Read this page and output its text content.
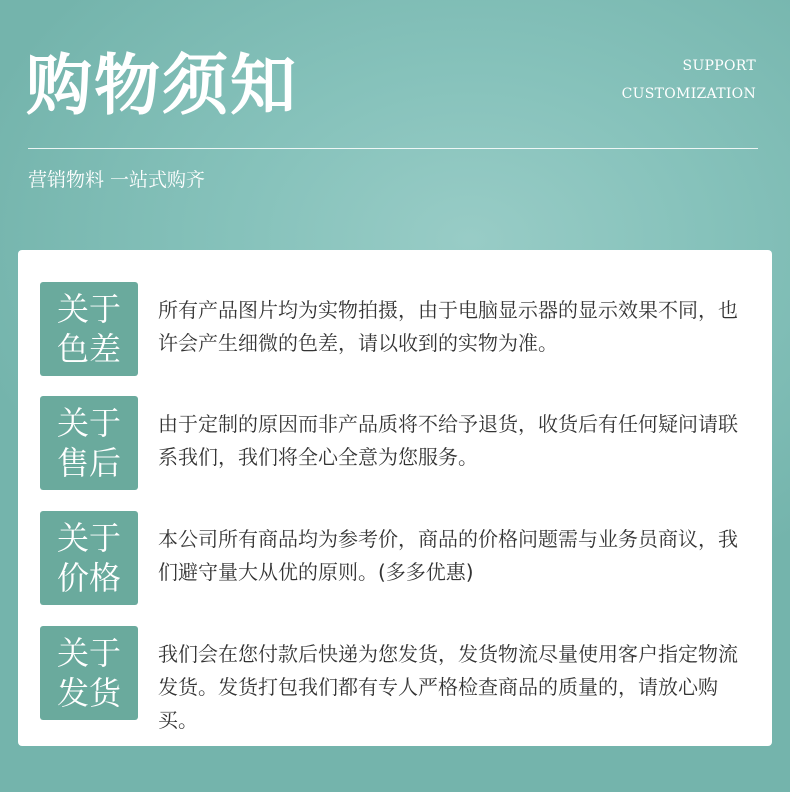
购物须知	SUPPORT
CUSTOMIZATION
营销物料 一站式购齐
关于
色差

所有产品图片均为实物拍摄，由于电脑显示器的显示效果不同，也许会产生细微的色差，请以收到的实物为准。

关于
售后

由于定制的原因而非产品质将不给予退货，收货后有任何疑问请联系我们，我们将全心全意为您服务。

关于
价格

本公司所有商品均为参考价，商品的价格问题需与业务员商议，我们避守量大从优的原则。(多多优惠)

关于
发货

我们会在您付款后快递为您发货，发货物流尽量使用客户指定物流发货。发货打包我们都有专人严格检查商品的质量的，请放心购买。
